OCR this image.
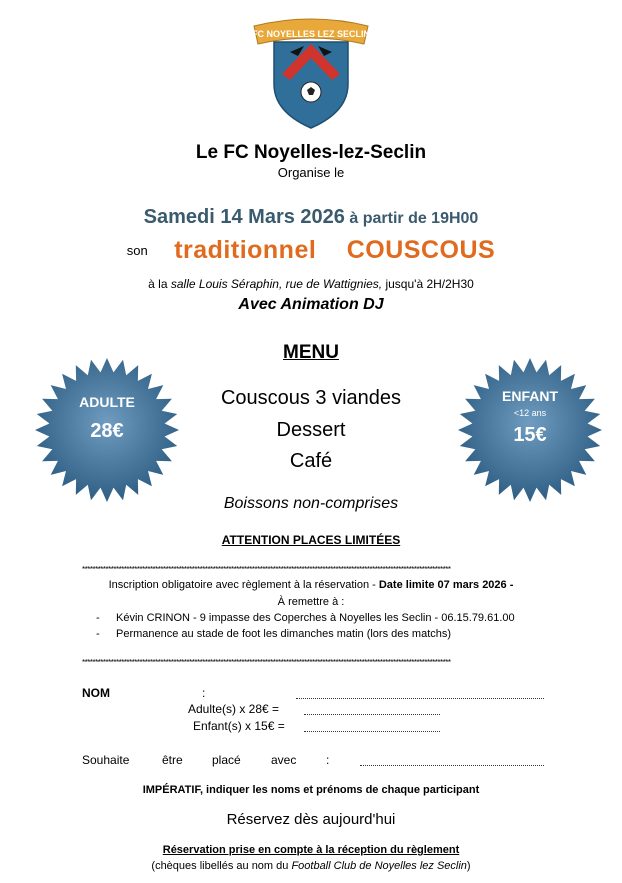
FC NOYELLES LEZ SECLIN
Le FC Noyelles-lez-Seclin
Organise le
Samedi 14 Mars 2026 à partir de 19H00
son traditionnel COUSCOUS
à la salle Louis Séraphin, rue de Wattignies, jusqu'à 2H/2H30
Avec Animation DJ
MENU
Couscous 3 viandes
Dessert
Café
ADULTE
28€
ENFANT
<12 ans
15€
Boissons non-comprises
ATTENTION PLACES LIMITÉES
*********************************************************************************************************************************************
Inscription obligatoire avec règlement à la réservation - Date limite 07 mars 2026 -
À remettre à :
- Kévin CRINON - 9 impasse des Coperches à Noyelles les Seclin - 06.15.79.61.00
- Permanence au stade de foot les dimanches matin (lors des matchs)
*********************************************************************************************************************************************
NOM	:
Adulte(s) x 28€ =
Enfant(s) x 15€ =
Souhaite	être placé	avec :
IMPÉRATIF, indiquer les noms et prénoms de chaque participant
Réservez dès aujourd'hui
Réservation prise en compte à la réception du règlement
(chèques libellés au nom du Football Club de Noyelles lez Seclin)
